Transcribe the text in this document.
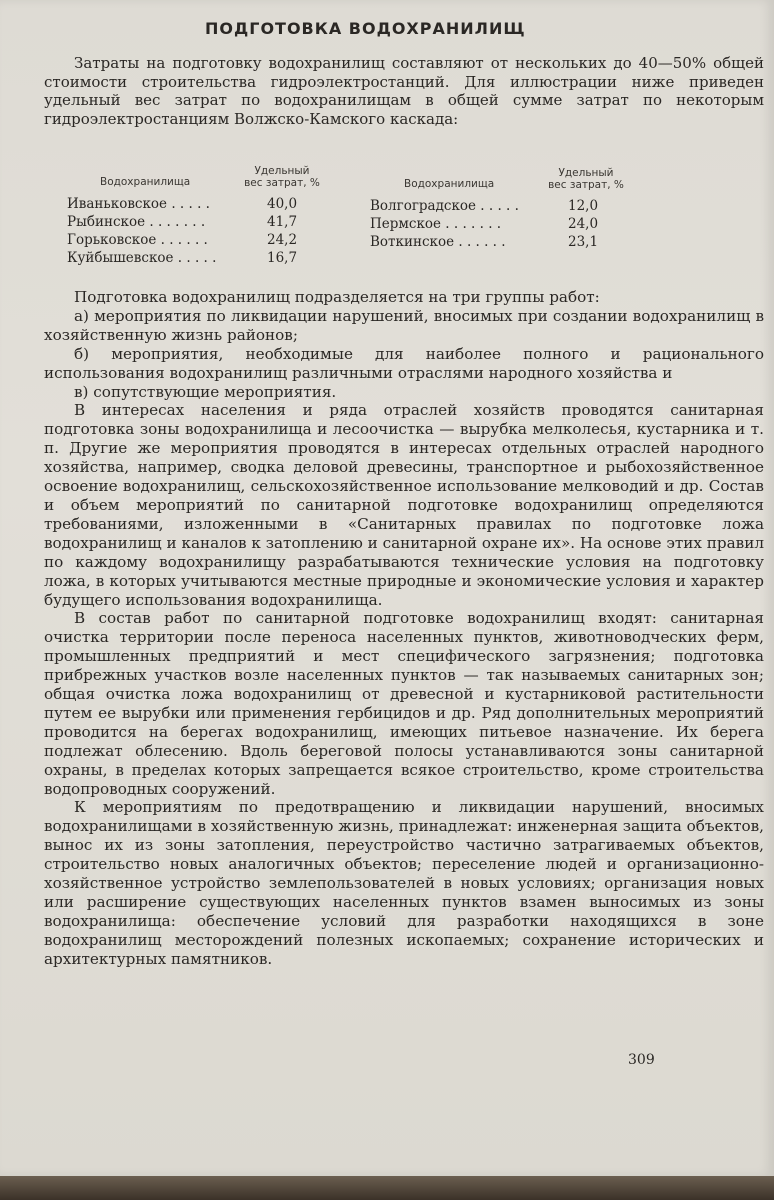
ПОДГОТОВКА ВОДОХРАНИЛИЩ

Затраты на подготовку водохранилищ составляют от нескольких до 40—50% общей стоимости строительства гидроэлектростанций. Для иллюстрации ниже приведен удельный вес затрат по водохранилищам в общей сумме затрат по некоторым гидроэлектростанциям Волжско-Камского каскада:

Водохранилища
Удельный
вес затрат, %	Водохранилища
Удельный
вес затрат, %
Иваньковское . . . . .	40,0
Рыбинское . . . . . . .	41,7
Горьковское . . . . . .	24,2
Куйбышевское . . . . .	16,7
Волгоградское . . . . .	12,0
Пермское . . . . . . .	24,0
Воткинское . . . . . .	23,1

Подготовка водохранилищ подразделяется на три группы работ:

а) мероприятия по ликвидации нарушений, вносимых при создании водохранилищ в хозяйственную жизнь районов;

б) мероприятия, необходимые для наиболее полного и рационального использования водохранилищ различными отраслями народного хозяйства и

в) сопутствующие мероприятия.

В интересах населения и ряда отраслей хозяйств проводятся санитарная подготовка зоны водохранилища и лесоочистка — вырубка мелколесья, кустарника и т. п. Другие же мероприятия проводятся в интересах отдельных отраслей народного хозяйства, например, сводка деловой древесины, транспортное и рыбохозяйственное освоение водохранилищ, сельскохозяйственное использование мелководий и др. Состав и объем мероприятий по санитарной подготовке водохранилищ определяются требованиями, изложенными в «Санитарных правилах по подготовке ложа водохранилищ и каналов к затоплению и санитарной охране их». На основе этих правил по каждому водохранилищу разрабатываются технические условия на подготовку ложа, в которых учитываются местные природные и экономические условия и характер будущего использования водохранилища.

В состав работ по санитарной подготовке водохранилищ входят: санитарная очистка территории после переноса населенных пунктов, животноводческих ферм, промышленных предприятий и мест специфического загрязнения; подготовка прибрежных участков возле населенных пунктов — так называемых санитарных зон; общая очистка ложа водохранилищ от древесной и кустарниковой растительности путем ее вырубки или применения гербицидов и др. Ряд дополнительных мероприятий проводится на берегах водохранилищ, имеющих питьевое назначение. Их берега подлежат облесению. Вдоль береговой полосы устанавливаются зоны санитарной охраны, в пределах которых запрещается всякое строительство, кроме строительства водопроводных сооружений.

К мероприятиям по предотвращению и ликвидации нарушений, вносимых водохранилищами в хозяйственную жизнь, принадлежат: инженерная защита объектов, вынос их из зоны затопления, переустройство частично затрагиваемых объектов, строительство новых аналогичных объектов; переселение людей и организационно-хозяйственное устройство землепользователей в новых условиях; организация новых или расширение существующих населенных пунктов взамен выносимых из зоны водохранилища: обеспечение условий для разработки находящихся в зоне водохранилищ месторождений полезных ископаемых; сохранение исторических и архитектурных памятников.

309
